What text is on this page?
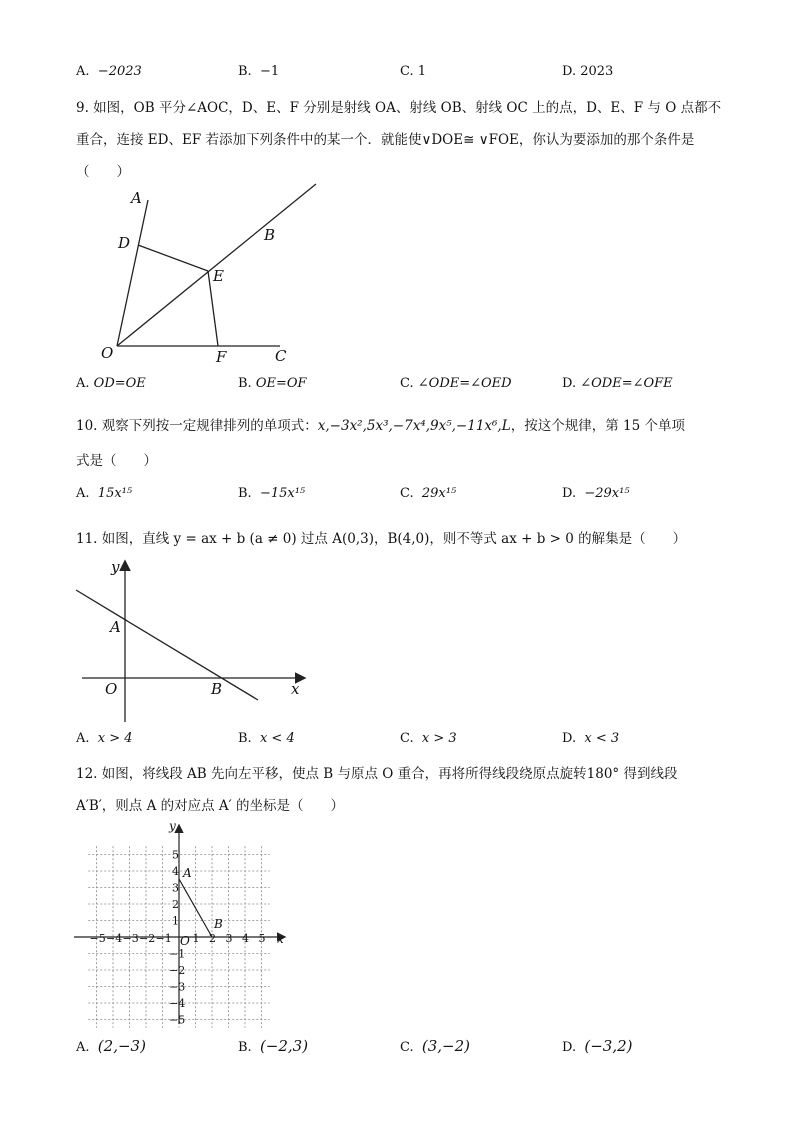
A. −2023	B. −1	C. 1	D. 2023
9. 如图，OB 平分∠AOC，D、E、F 分别是射线 OA、射线 OB、射线 OC 上的点，D、E、F 与 O 点都不
重合，连接 ED、EF 若添加下列条件中的某一个．就能使∨DOE≅ ∨FOE，你认为要添加的那个条件是
（　　）
A
B
C
D
E
F
O
A. OD=OE	B. OE=OF	C. ∠ODE=∠OED	D. ∠ODE=∠OFE
10. 观察下列按一定规律排列的单项式：x,−3x²,5x³,−7x⁴,9x⁵,−11x⁶,L，按这个规律，第 15 个单项
式是（　　）
A. 15x¹⁵	B. −15x¹⁵	C. 29x¹⁵	D. −29x¹⁵
11. 如图，直线 y = ax + b (a ≠ 0) 过点 A(0,3)，B(4,0)，则不等式 ax + b > 0 的解集是（　　）
y
x
A
O	B
A. x > 4	B. x < 4	C. x > 3	D. x < 3
12. 如图，将线段 AB 先向左平移，使点 B 与原点 O 重合，再将所得线段绕原点旋转180° 得到线段
A′B′，则点 A 的对应点 A′ 的坐标是（　　）
−5 −4 −3 −2 −1 1 2 3 4 5
5
4
3
2
1
−1
−2
−3
−4
−5
y
x
A
B
O
A. (2,−3)	B. (−2,3)	C. (3,−2)	D. (−3,2)
